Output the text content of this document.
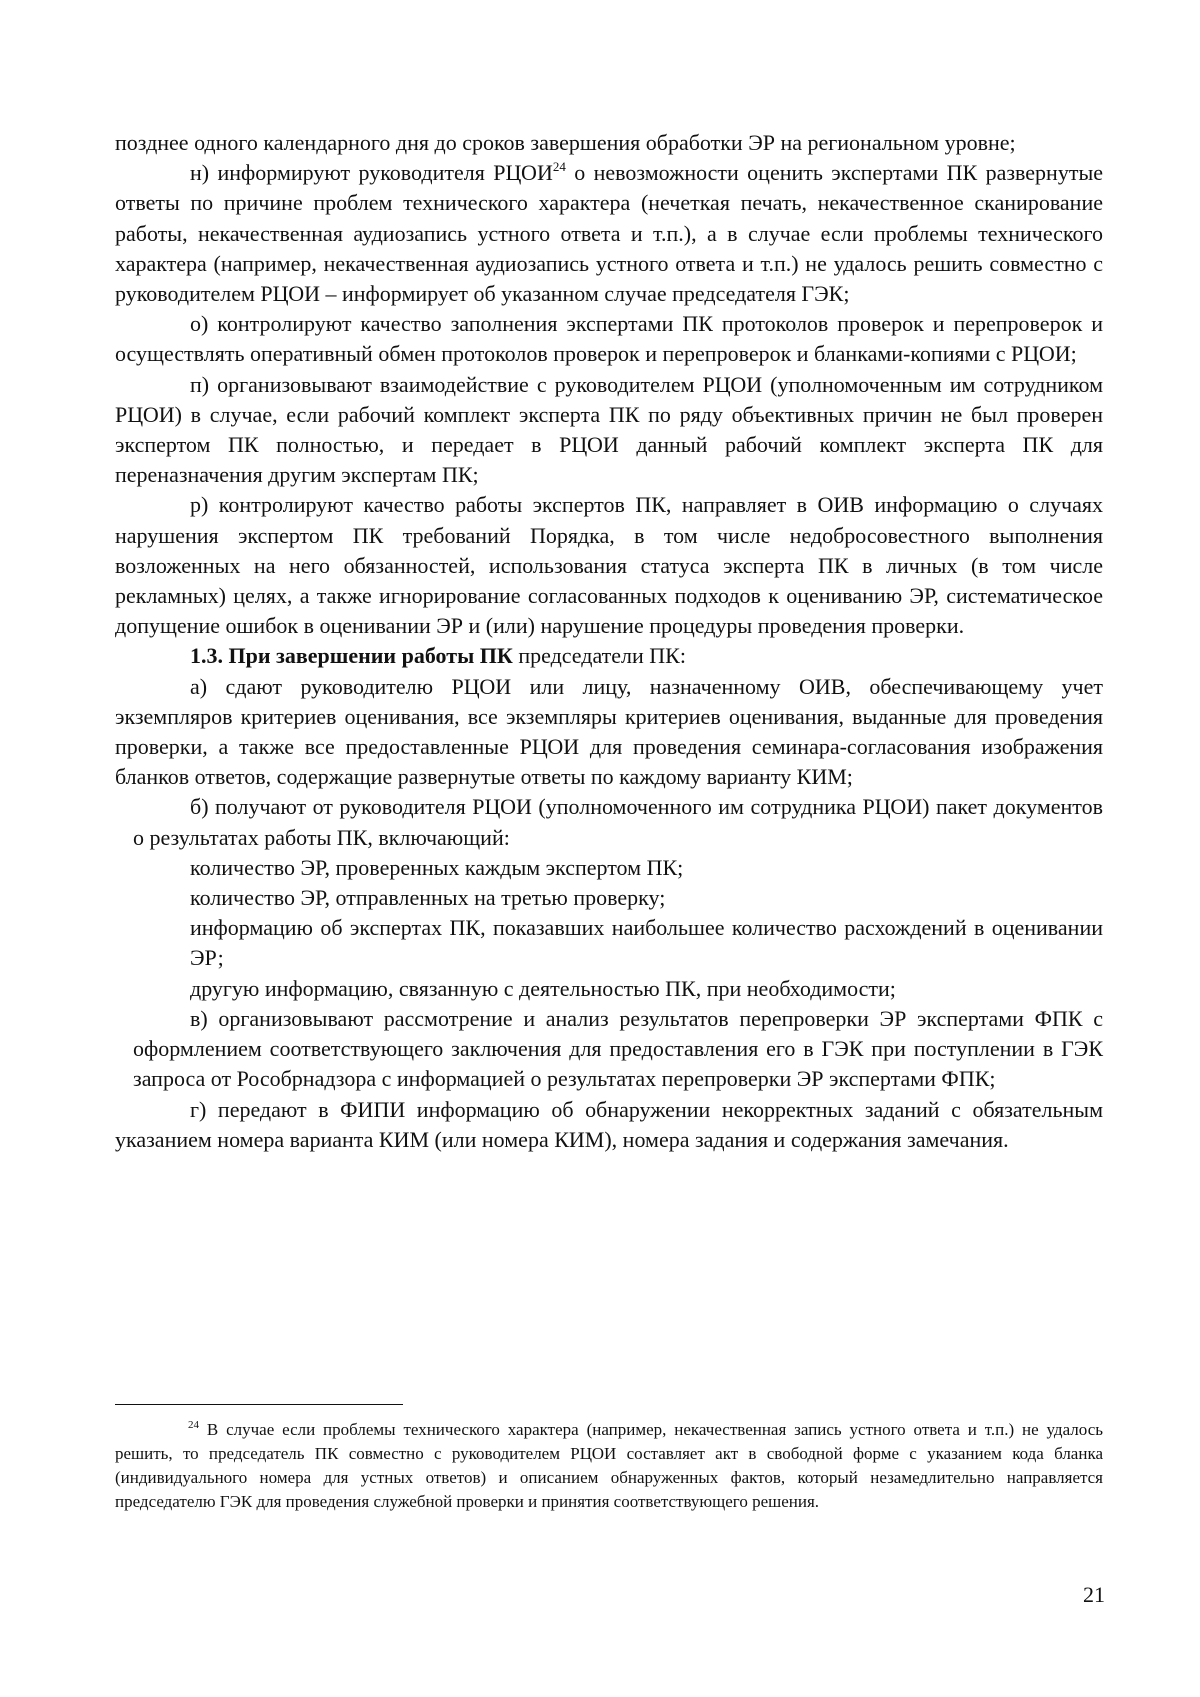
позднее одного календарного дня до сроков завершения обработки ЭР на региональном уровне;

н) информируют руководителя РЦОИ$^{24}$ о невозможности оценить экспертами ПК развернутые ответы по причине проблем технического характера (нечеткая печать, некачественное сканирование работы, некачественная аудиозапись устного ответа и т.п.), а в случае если проблемы технического характера (например, некачественная аудиозапись устного ответа и т.п.) не удалось решить совместно с руководителем РЦОИ – информирует об указанном случае председателя ГЭК;

о) контролируют качество заполнения экспертами ПК протоколов проверок и перепроверок и осуществлять оперативный обмен протоколов проверок и перепроверок и бланками-копиями с РЦОИ;

п) организовывают взаимодействие с руководителем РЦОИ (уполномоченным им сотрудником РЦОИ) в случае, если рабочий комплект эксперта ПК по ряду объективных причин не был проверен экспертом ПК полностью, и передает в РЦОИ данный рабочий комплект эксперта ПК для переназначения другим экспертам ПК;

р) контролируют качество работы экспертов ПК, направляет в ОИВ информацию о случаях нарушения экспертом ПК требований Порядка, в том числе недобросовестного выполнения возложенных на него обязанностей, использования статуса эксперта ПК в личных (в том числе рекламных) целях, а также игнорирование согласованных подходов к оцениванию ЭР, систематическое допущение ошибок в оценивании ЭР и (или) нарушение процедуры проведения проверки.

1.3. При завершении работы ПК председатели ПК:

а) сдают руководителю РЦОИ или лицу, назначенному ОИВ, обеспечивающему учет экземпляров критериев оценивания, все экземпляры критериев оценивания, выданные для проведения проверки, а также все предоставленные РЦОИ для проведения семинара-согласования изображения бланков ответов, содержащие развернутые ответы по каждому варианту КИМ;

б) получают от руководителя РЦОИ (уполномоченного им сотрудника РЦОИ) пакет документов о результатах работы ПК, включающий:

количество ЭР, проверенных каждым экспертом ПК;

количество ЭР, отправленных на третью проверку;

информацию об экспертах ПК, показавших наибольшее количество расхождений в оценивании ЭР;

другую информацию, связанную с деятельностью ПК, при необходимости;

в) организовывают рассмотрение и анализ результатов перепроверки ЭР экспертами ФПК с оформлением соответствующего заключения для предоставления его в ГЭК при поступлении в ГЭК запроса от Рособрнадзора с информацией о результатах перепроверки ЭР экспертами ФПК;

г) передают в ФИПИ информацию об обнаружении некорректных заданий с обязательным указанием номера варианта КИМ (или номера КИМ), номера задания и содержания замечания.

$^{24}$ В случае если проблемы технического характера (например, некачественная запись устного ответа и т.п.) не удалось решить, то председатель ПК совместно с руководителем РЦОИ составляет акт в свободной форме с указанием кода бланка (индивидуального номера для устных ответов) и описанием обнаруженных фактов, который незамедлительно направляется председателю ГЭК для проведения служебной проверки и принятия соответствующего решения.

21
